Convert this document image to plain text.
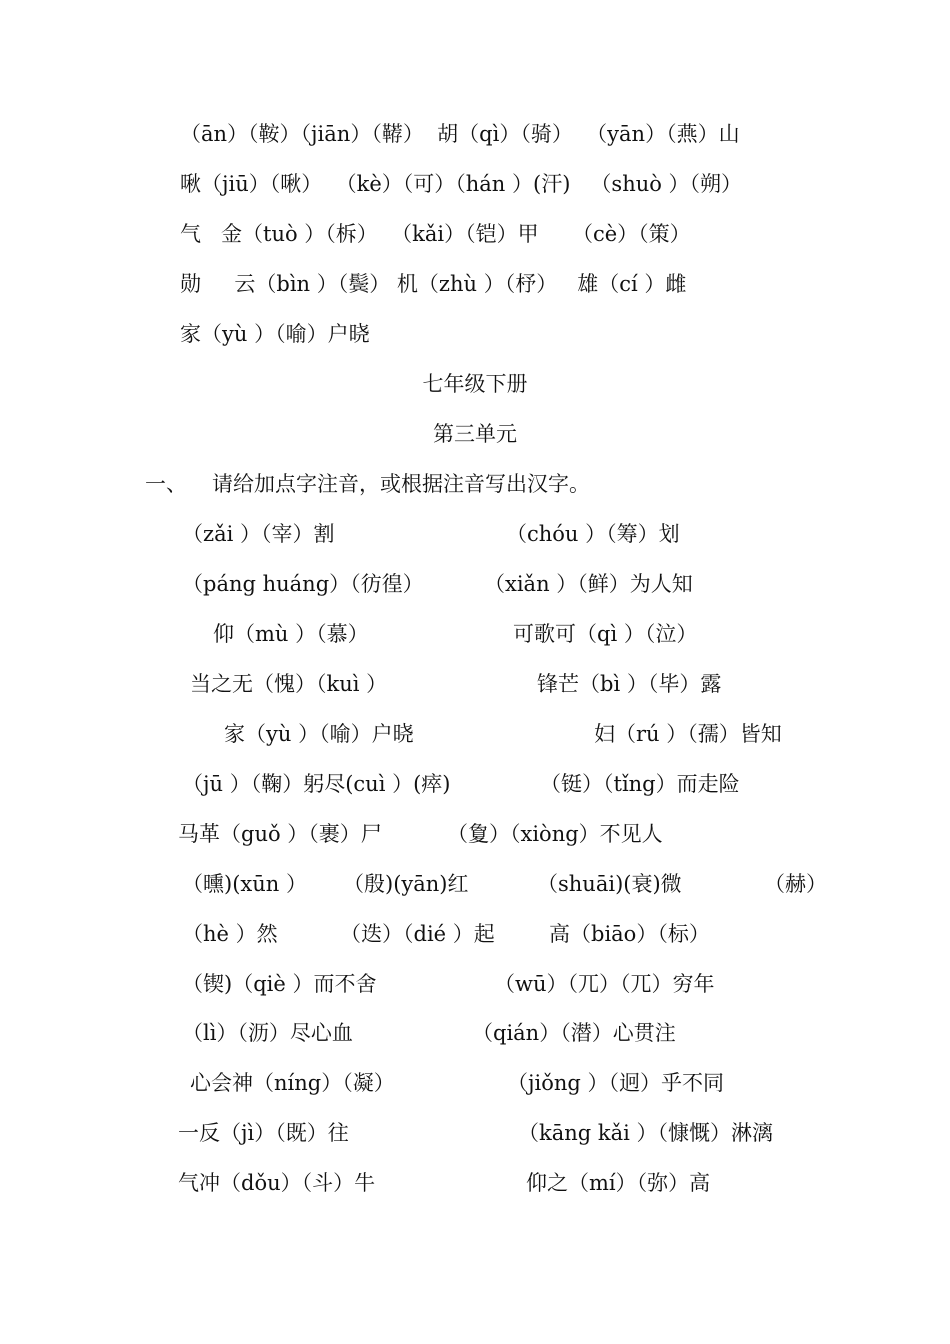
（ān）（鞍）（jiān）（鞯）  胡（qì）（骑）  （yān）（燕）山
啾（jiū）（啾）  （kè）（可）（hán ）(汗)   （shuò ）（朔）
气   金（tuò ）（柝）  （kǎi）（铠）甲     （cè）（策）
勋     云（bìn ）（鬓） 机（zhù ）（杼）   雄（cí ）雌
家（yù ）（喻）户晓
七年级下册
第三单元
一、 请给加点字注音，或根据注音写出汉字。
（zǎi ）（宰）割	（chóu ）（筹）划
（páng huáng）（彷徨）	（xiǎn ）（鲜）为人知
仰（mù ）（慕）	可歌可（qì ）（泣）
当之无（愧）（kuì ）	锋芒（bì ）（毕）露
家（yù ）（喻）户晓	妇（rú ）（孺）皆知
（jū ）（鞠）躬尽(cuì ）(瘁)	（铤）（tǐng）而走险
马革（guǒ ）（裹）尸	（夐）（xiòng）不见人
（曛)(xūn ） （殷)(yān)红	（shuāi)(衰)微	（赫）
（hè ）然	（迭）（dié ）起	高（biāo）（标）
（锲)（qiè ）而不舍	（wū）（兀）（兀）穷年
（lì）（沥）尽心血	（qián）（潜）心贯注
心会神（níng）（凝）	（jiǒng ）（迥）乎不同
一反（jì）（既）往	（kāng kǎi ）（慷慨）淋漓
气冲（dǒu）（斗）牛	仰之（mí）（弥）高
